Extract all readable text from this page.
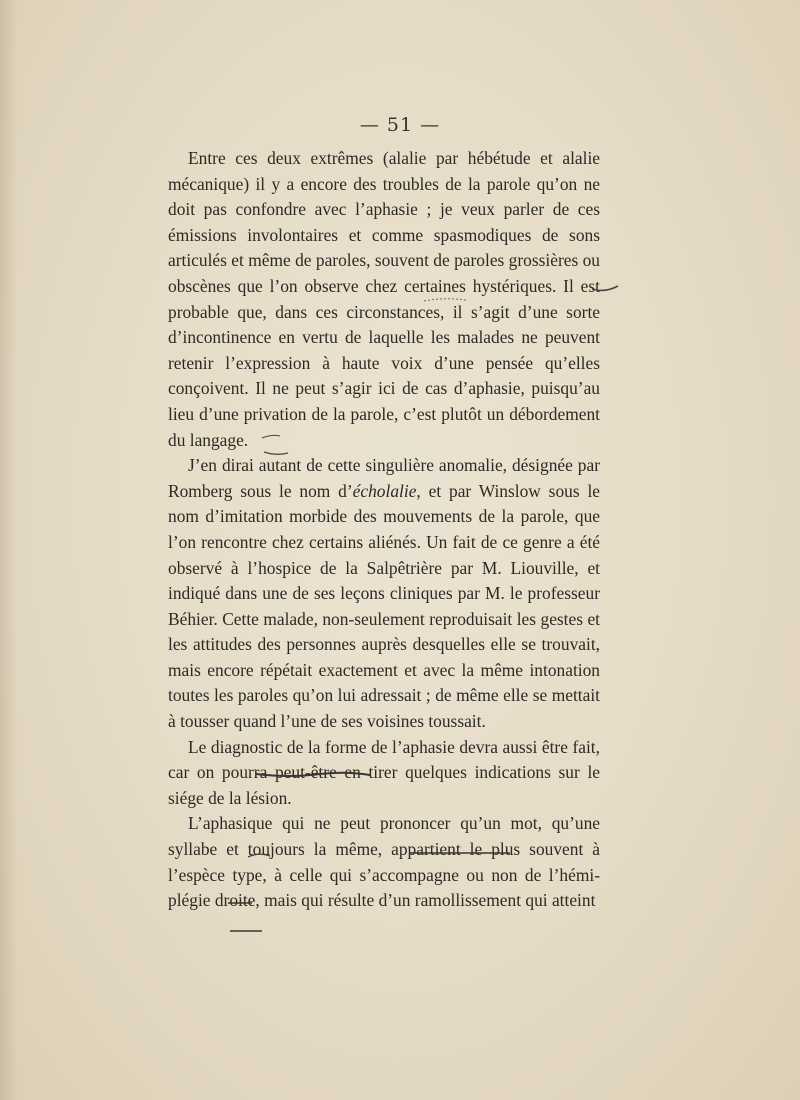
— 51 —

Entre ces deux extrêmes (alalie par hébétude et alalie mécanique) il y a encore des troubles de la parole qu’on ne doit pas confondre avec l’aphasie ; je veux parler de ces émissions involontaires et comme spasmodiques de sons articulés et même de paroles, souvent de paroles grossières ou obscènes que l’on observe chez certaines hystériques. Il est probable que, dans ces circonstances, il s’agit d’une sorte d’incontinence en vertu de laquelle les malades ne peuvent retenir l’expression à haute voix d’une pensée qu’elles conçoivent. Il ne peut s’agir ici de cas d’aphasie, puisqu’au lieu d’une privation de la parole, c’est plutôt un débordement du langage.

J’en dirai autant de cette singulière anomalie, désignée par Romberg sous le nom d’écholalie, et par Winslow sous le nom d’imitation morbide des mouvements de la parole, que l’on rencontre chez certains aliénés. Un fait de ce genre a été observé à l’hospice de la Salpêtrière par M. Liouville, et indiqué dans une de ses leçons cliniques par M. le professeur Béhier. Cette malade, non-seulement reproduisait les gestes et les attitudes des personnes auprès desquelles elle se trouvait, mais encore répétait exactement et avec la même intonation toutes les paroles qu’on lui adressait ; de même elle se mettait à tousser quand l’une de ses voisines toussait.

Le diagnostic de la forme de l’aphasie devra aussi être fait, car on pourra peut-être en tirer quelques indications sur le siége de la lésion.

L’aphasique qui ne peut prononcer qu’un mot, qu’une syllabe et toujours la même, appartient le plus souvent à l’espèce type, à celle qui s’accompagne ou non de l’hémiplégie droite, mais qui résulte d’un ramollissement qui atteint
